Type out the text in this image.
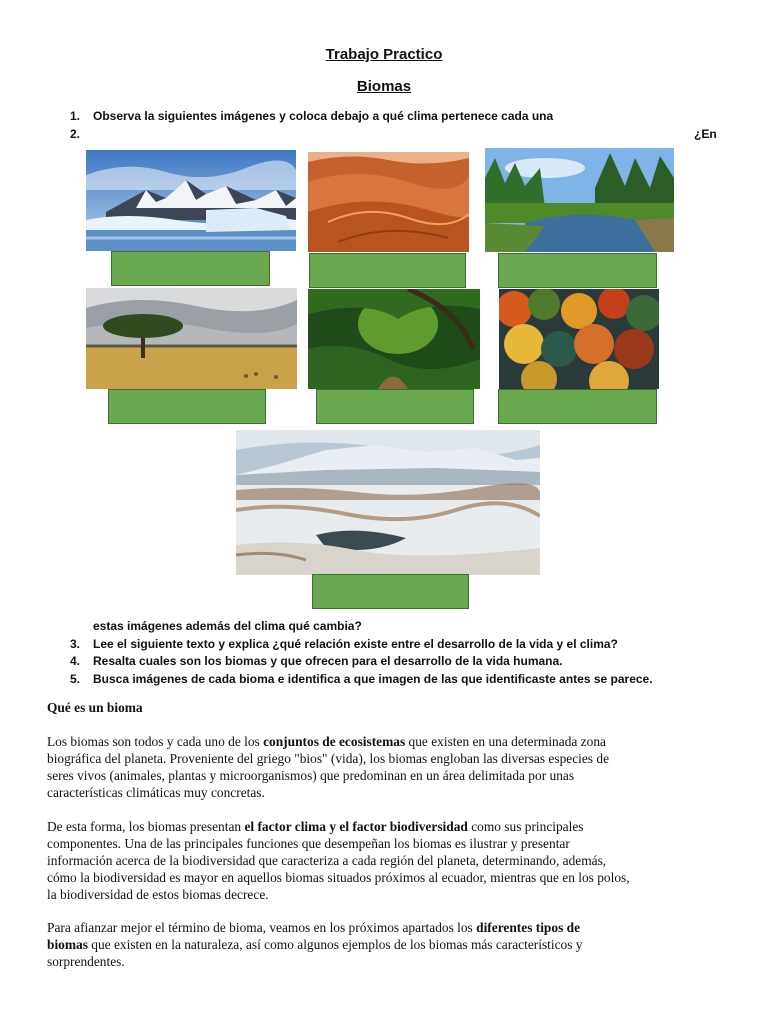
Trabajo Practico
Biomas
1. Observa la siguientes imágenes y coloca debajo a qué clima pertenece cada una
2.	¿En
estas imágenes además del clima qué cambia?
3. Lee el siguiente texto y explica ¿qué relación existe entre el desarrollo de la vida y el clima?
4. Resalta cuales son los biomas y que ofrecen para el desarrollo de la vida humana.
5. Busca imágenes de cada bioma e identifica a que imagen de las que identificaste antes se parece.
Qué es un bioma
Los biomas son todos y cada uno de los conjuntos de ecosistemas que existen en una determinada zona
biográfica del planeta. Proveniente del griego "bios" (vida), los biomas engloban las diversas especies de
seres vivos (animales, plantas y microorganismos) que predominan en un área delimitada por unas
características climáticas muy concretas.
De esta forma, los biomas presentan el factor clima y el factor biodiversidad como sus principales
componentes. Una de las principales funciones que desempeñan los biomas es ilustrar y presentar
información acerca de la biodiversidad que caracteriza a cada región del planeta, determinando, además,
cómo la biodiversidad es mayor en aquellos biomas situados próximos al ecuador, mientras que en los polos,
la biodiversidad de estos biomas decrece.
Para afianzar mejor el término de bioma, veamos en los próximos apartados los diferentes tipos de
biomas que existen en la naturaleza, así como algunos ejemplos de los biomas más característicos y
sorprendentes.
